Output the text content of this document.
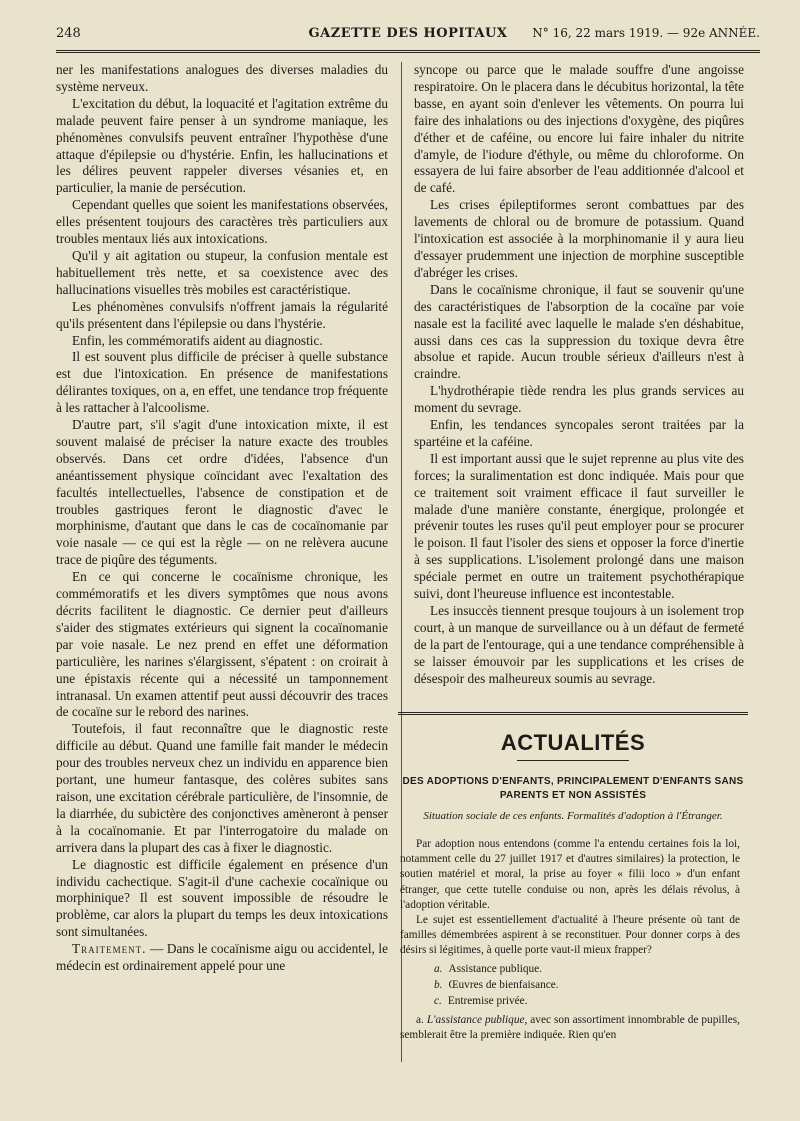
248	GAZETTE DES HOPITAUX	N° 16, 22 mars 1919. — 92e ANNÉE.

ner les manifestations analogues des diverses maladies du système nerveux.

L'excitation du début, la loquacité et l'agitation extrême du malade peuvent faire penser à un syndrome maniaque, les phénomènes convulsifs peuvent entraîner l'hypothèse d'une attaque d'épilepsie ou d'hystérie. Enfin, les hallucinations et les délires peuvent rappeler diverses vésanies et, en particulier, la manie de persécution.

Cependant quelles que soient les manifestations observées, elles présentent toujours des caractères très particuliers aux troubles mentaux liés aux intoxications.

Qu'il y ait agitation ou stupeur, la confusion mentale est habituellement très nette, et sa coexistence avec des hallucinations visuelles très mobiles est caractéristique.

Les phénomènes convulsifs n'offrent jamais la régularité qu'ils présentent dans l'épilepsie ou dans l'hystérie.

Enfin, les commémoratifs aident au diagnostic.

Il est souvent plus difficile de préciser à quelle substance est due l'intoxication. En présence de manifestations délirantes toxiques, on a, en effet, une tendance trop fréquente à les rattacher à l'alcoolisme.

D'autre part, s'il s'agit d'une intoxication mixte, il est souvent malaisé de préciser la nature exacte des troubles observés. Dans cet ordre d'idées, l'absence d'un anéantissement physique coïncidant avec l'exaltation des facultés intellectuelles, l'absence de constipation et de troubles gastriques feront le diagnostic d'avec le morphinisme, d'autant que dans le cas de cocaïnomanie par voie nasale — ce qui est la règle — on ne relèvera aucune trace de piqûre des téguments.

En ce qui concerne le cocaïnisme chronique, les commémoratifs et les divers symptômes que nous avons décrits facilitent le diagnostic. Ce dernier peut d'ailleurs s'aider des stigmates extérieurs qui signent la cocaïnomanie par voie nasale. Le nez prend en effet une déformation particulière, les narines s'élargissent, s'épatent : on croirait à une épistaxis récente qui a nécessité un tamponnement intranasal. Un examen attentif peut aussi découvrir des traces de cocaïne sur le rebord des narines.

Toutefois, il faut reconnaître que le diagnostic reste difficile au début. Quand une famille fait mander le médecin pour des troubles nerveux chez un individu en apparence bien portant, une humeur fantasque, des colères subites sans raison, une excitation cérébrale particulière, de l'insomnie, de la diarrhée, du subictère des conjonctives amèneront à penser à la cocaïnomanie. Et par l'interrogatoire du malade on arrivera dans la plupart des cas à fixer le diagnostic.

Le diagnostic est difficile également en présence d'un individu cachectique. S'agit-il d'une cachexie cocaïnique ou morphinique? Il est souvent impossible de résoudre le problème, car alors la plupart du temps les deux intoxications sont simultanées.

Traitement. — Dans le cocaïnisme aigu ou accidentel, le médecin est ordinairement appelé pour une

syncope ou parce que le malade souffre d'une angoisse respiratoire. On le placera dans le décubitus horizontal, la tête basse, en ayant soin d'enlever les vêtements. On pourra lui faire des inhalations ou des injections d'oxygène, des piqûres d'éther et de caféine, ou encore lui faire inhaler du nitrite d'amyle, de l'iodure d'éthyle, ou même du chloroforme. On essayera de lui faire absorber de l'eau additionnée d'alcool et de café.

Les crises épileptiformes seront combattues par des lavements de chloral ou de bromure de potassium. Quand l'intoxication est associée à la morphinomanie il y aura lieu d'essayer prudemment une injection de morphine susceptible d'abréger les crises.

Dans le cocaïnisme chronique, il faut se souvenir qu'une des caractéristiques de l'absorption de la cocaïne par voie nasale est la facilité avec laquelle le malade s'en déshabitue, aussi dans ces cas la suppression du toxique devra être absolue et rapide. Aucun trouble sérieux d'ailleurs n'est à craindre.

L'hydrothérapie tiède rendra les plus grands services au moment du sevrage.

Enfin, les tendances syncopales seront traitées par la spartéine et la caféine.

Il est important aussi que le sujet reprenne au plus vite des forces; la suralimentation est donc indiquée. Mais pour que ce traitement soit vraiment efficace il faut surveiller le malade d'une manière constante, énergique, prolongée et prévenir toutes les ruses qu'il peut employer pour se procurer le poison. Il faut l'isoler des siens et opposer la force d'inertie à ses supplications. L'isolement prolongé dans une maison spéciale permet en outre un traitement psychothérapique suivi, dont l'heureuse influence est incontestable.

Les insuccès tiennent presque toujours à un isolement trop court, à un manque de surveillance ou à un défaut de fermeté de la part de l'entourage, qui a une tendance compréhensible à se laisser émouvoir par les supplications et les crises de désespoir des malheureux soumis au sevrage.

ACTUALITÉS
DES ADOPTIONS D'ENFANTS, PRINCIPALEMENT D'ENFANTS SANS PARENTS ET NON ASSISTÉS
Situation sociale de ces enfants. Formalités d'adoption à l'Étranger.

Par adoption nous entendons (comme l'a entendu certaines fois la loi, notamment celle du 27 juillet 1917 et d'autres similaires) la protection, le soutien matériel et moral, la prise au foyer « filii loco » d'un enfant étranger, que cette tutelle conduise ou non, après les délais révolus, à l'adoption véritable.

Le sujet est essentiellement d'actualité à l'heure présente où tant de familles démembrées aspirent à se reconstituer. Pour donner corps à des désirs si légitimes, à quelle porte vaut-il mieux frapper?

a. Assistance publique.
b. Œuvres de bienfaisance.
c. Entremise privée.

a. L'assistance publique, avec son assortiment innombrable de pupilles, semblerait être la première indiquée. Rien qu'en
